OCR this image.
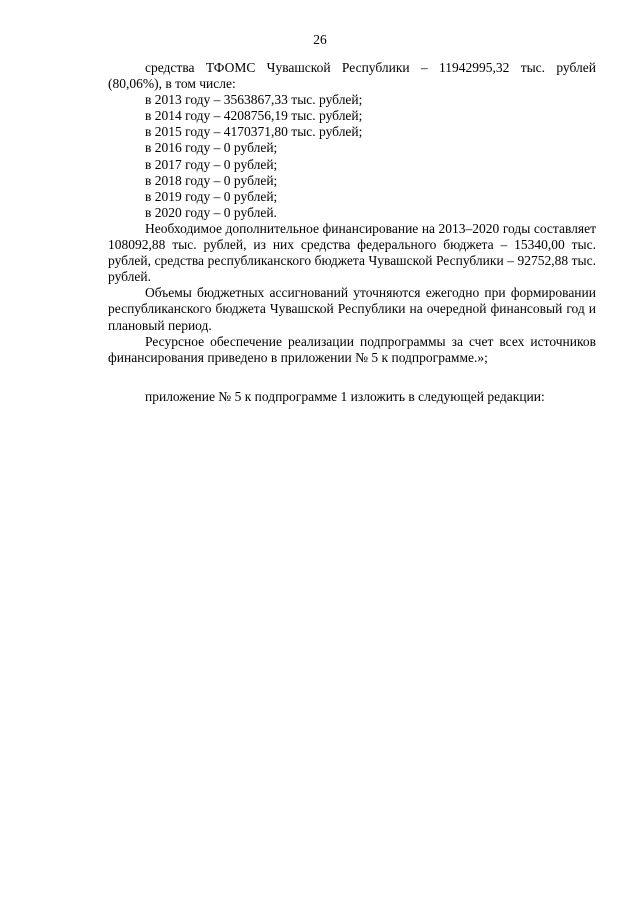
26

средства ТФОМС Чувашской Республики – 11942995,32 тыс. рублей (80,06%), в том числе:

в 2013 году – 3563867,33 тыс. рублей;

в 2014 году – 4208756,19 тыс. рублей;

в 2015 году – 4170371,80 тыс. рублей;

в 2016 году – 0 рублей;

в 2017 году – 0 рублей;

в 2018 году – 0 рублей;

в 2019 году – 0 рублей;

в 2020 году – 0 рублей.

Необходимое дополнительное финансирование на 2013–2020 годы составляет 108092,88 тыс. рублей, из них средства федерального бюджета – 15340,00 тыс. рублей, средства республиканского бюджета Чувашской Республики – 92752,88 тыс. рублей.

Объемы бюджетных ассигнований уточняются ежегодно при формировании республиканского бюджета Чувашской Республики на очередной финансовый год и плановый период.

Ресурсное обеспечение реализации подпрограммы за счет всех источников финансирования приведено в приложении № 5 к подпрограмме.»;

приложение № 5 к подпрограмме 1 изложить в следующей редакции:
